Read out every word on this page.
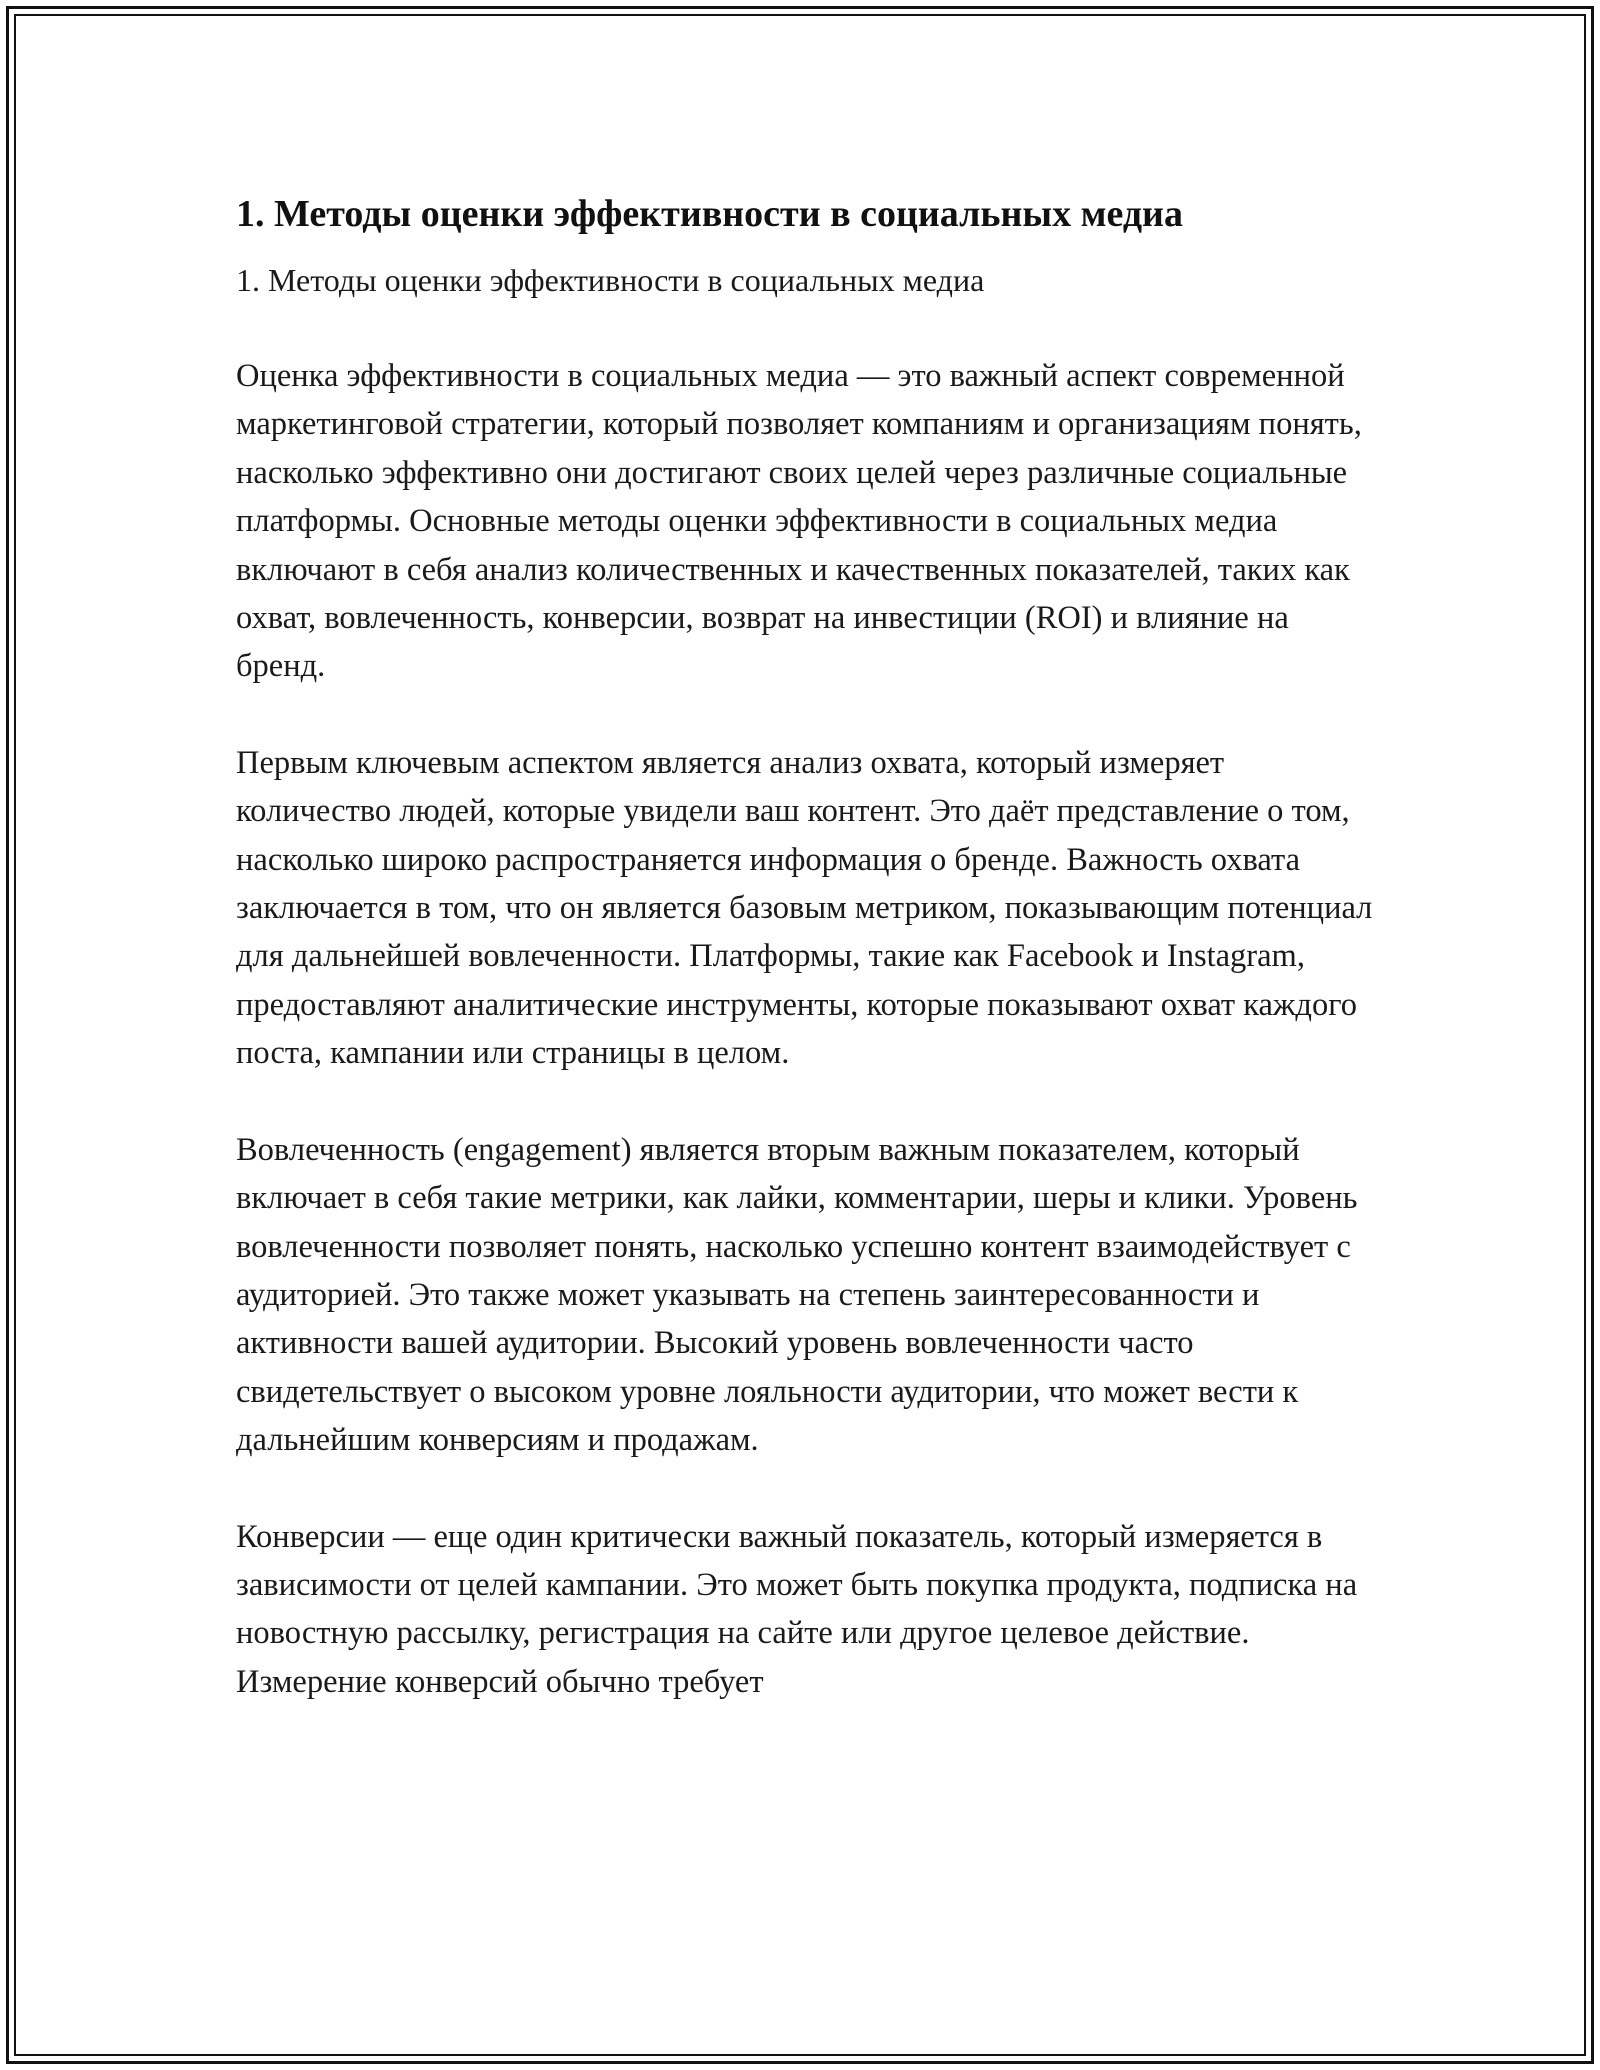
1. Методы оценки эффективности в социальных медиа

1. Методы оценки эффективности в социальных медиа

Оценка эффективности в социальных медиа — это важный аспект современной маркетинговой стратегии, который позволяет компаниям и организациям понять, насколько эффективно они достигают своих целей через различные социальные платформы. Основные методы оценки эффективности в социальных медиа включают в себя анализ количественных и качественных показателей, таких как охват, вовлеченность, конверсии, возврат на инвестиции (ROI) и влияние на бренд.

Первым ключевым аспектом является анализ охвата, который измеряет количество людей, которые увидели ваш контент. Это даёт представление о том, насколько широко распространяется информация о бренде. Важность охвата заключается в том, что он является базовым метриком, показывающим потенциал для дальнейшей вовлеченности. Платформы, такие как Facebook и Instagram, предоставляют аналитические инструменты, которые показывают охват каждого поста, кампании или страницы в целом.

Вовлеченность (engagement) является вторым важным показателем, который включает в себя такие метрики, как лайки, комментарии, шеры и клики. Уровень вовлеченности позволяет понять, насколько успешно контент взаимодействует с аудиторией. Это также может указывать на степень заинтересованности и активности вашей аудитории. Высокий уровень вовлеченности часто свидетельствует о высоком уровне лояльности аудитории, что может вести к дальнейшим конверсиям и продажам.

Конверсии — еще один критически важный показатель, который измеряется в зависимости от целей кампании. Это может быть покупка продукта, подписка на новостную рассылку, регистрация на сайте или другое целевое действие. Измерение конверсий обычно требует
